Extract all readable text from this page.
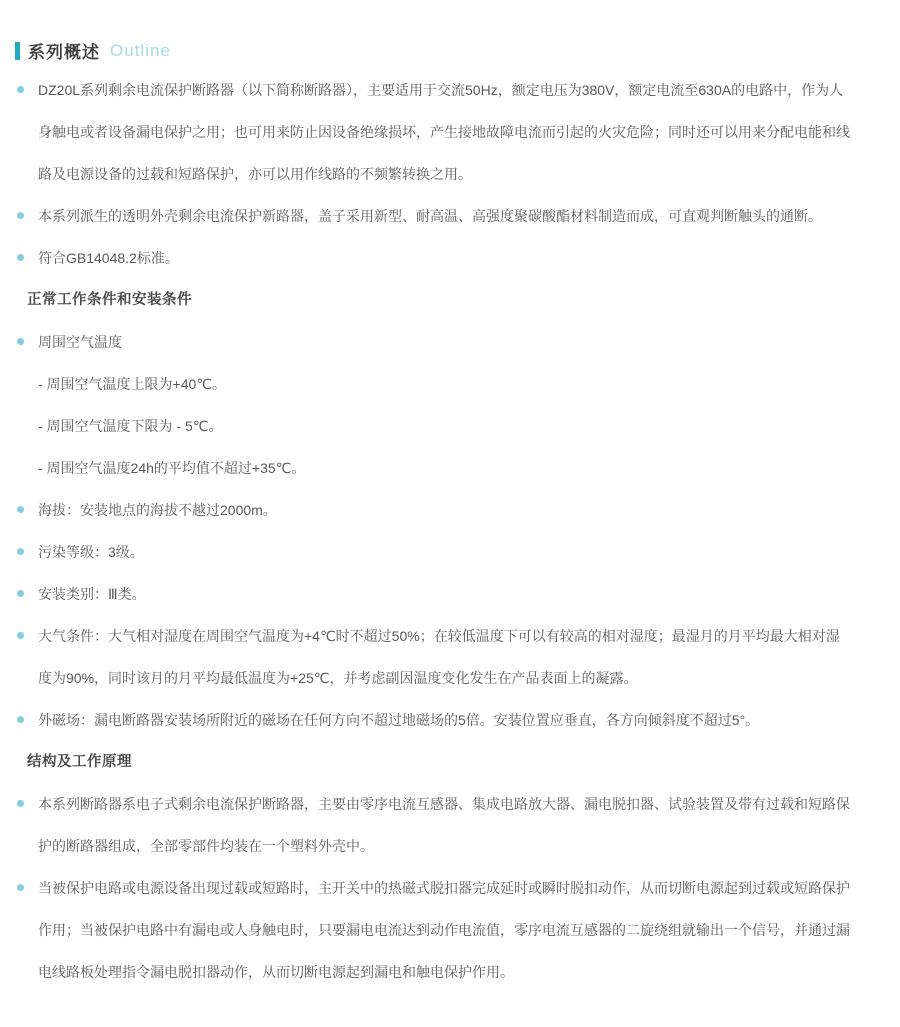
系列概述 Outline
DZ20L系列剩余电流保护断路器（以下简称断路器），主要适用于交流50Hz，额定电压为380V，额定电流至630A的电路中，作为人身触电或者设备漏电保护之用；也可用来防止因设备绝缘损坏，产生接地故障电流而引起的火灾危险；同时还可以用来分配电能和线路及电源设备的过载和短路保护，亦可以用作线路的不频繁转换之用。
本系列派生的透明外壳剩余电流保护新路器，盖子采用新型、耐高温、高强度聚碳酸酯材料制造而成，可直观判断触头的通断。
符合GB14048.2标准。
正常工作条件和安装条件
周围空气温度
- 周围空气温度上限为+40℃。
- 周围空气温度下限为 - 5℃。
- 周围空气温度24h的平均值不超过+35℃。
海拔：安装地点的海拔不越过2000m。
污染等级：3级。
安装类别：Ⅲ类。
大气条件：大气相对湿度在周围空气温度为+4℃时不超过50%；在较低温度下可以有较高的相对湿度；最湿月的月平均最大相对湿度为90%，同时该月的月平均最低温度为+25℃，并考虑副因温度变化发生在产品表面上的凝露。
外磁场：漏电断路器安装场所附近的磁场在任何方向不超过地磁场的5倍。安装位置应垂直，各方向倾斜度不超过5°。
结构及工作原理
本系列断路器系电子式剩余电流保护断路器，主要由零序电流互感器、集成电路放大器、漏电脱扣器、试验装置及带有过载和短路保护的断路器组成，全部零部件均装在一个塑料外壳中。
当被保护电路或电源设备出现过载或短路时，主开关中的热磁式脱扣器完成延时或瞬时脱扣动作，从而切断电源起到过载或短路保护作用；当被保护电路中有漏电或人身触电时，只要漏电电流达到动作电流值，零序电流互感器的二旋绕组就输出一个信号，并通过漏电线路板处理指令漏电脱扣器动作，从而切断电源起到漏电和触电保护作用。
